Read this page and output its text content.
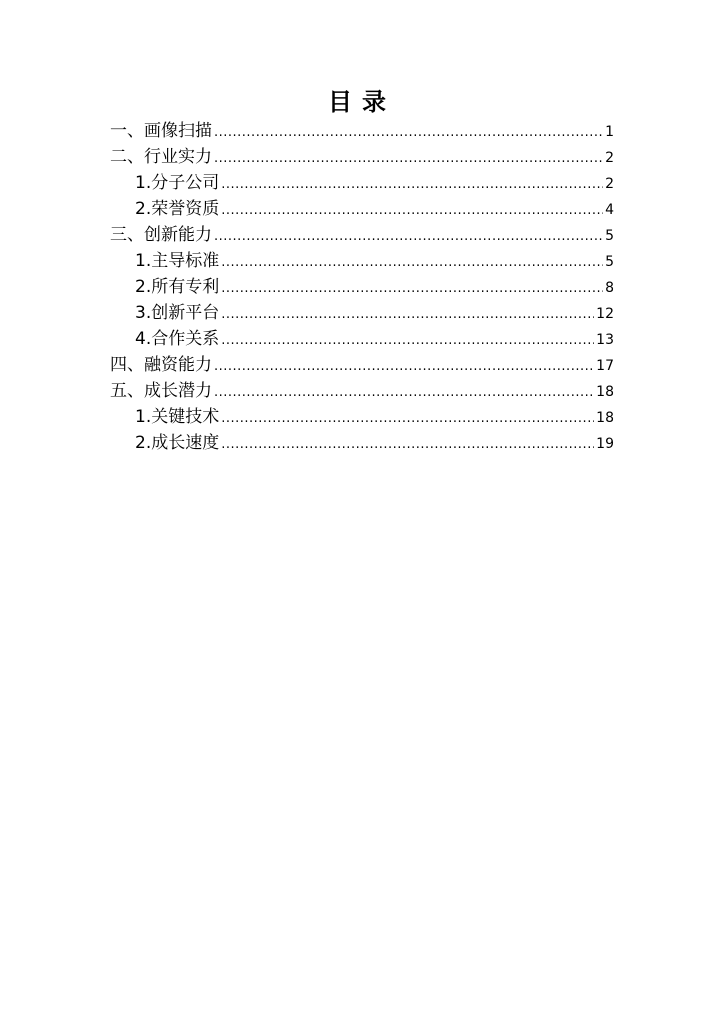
目录
一、画像扫描 .....	1
二、行业实力 .....	2
1.分子公司 .....	2
2.荣誉资质 .....	4
三、创新能力 .....	5
1.主导标准 .....	5
2.所有专利 .....	8
3.创新平台 .....	12
4.合作关系 .....	13
四、融资能力 .....	17
五、成长潜力 .....	18
1.关键技术 .....	18
2.成长速度 .....	19
